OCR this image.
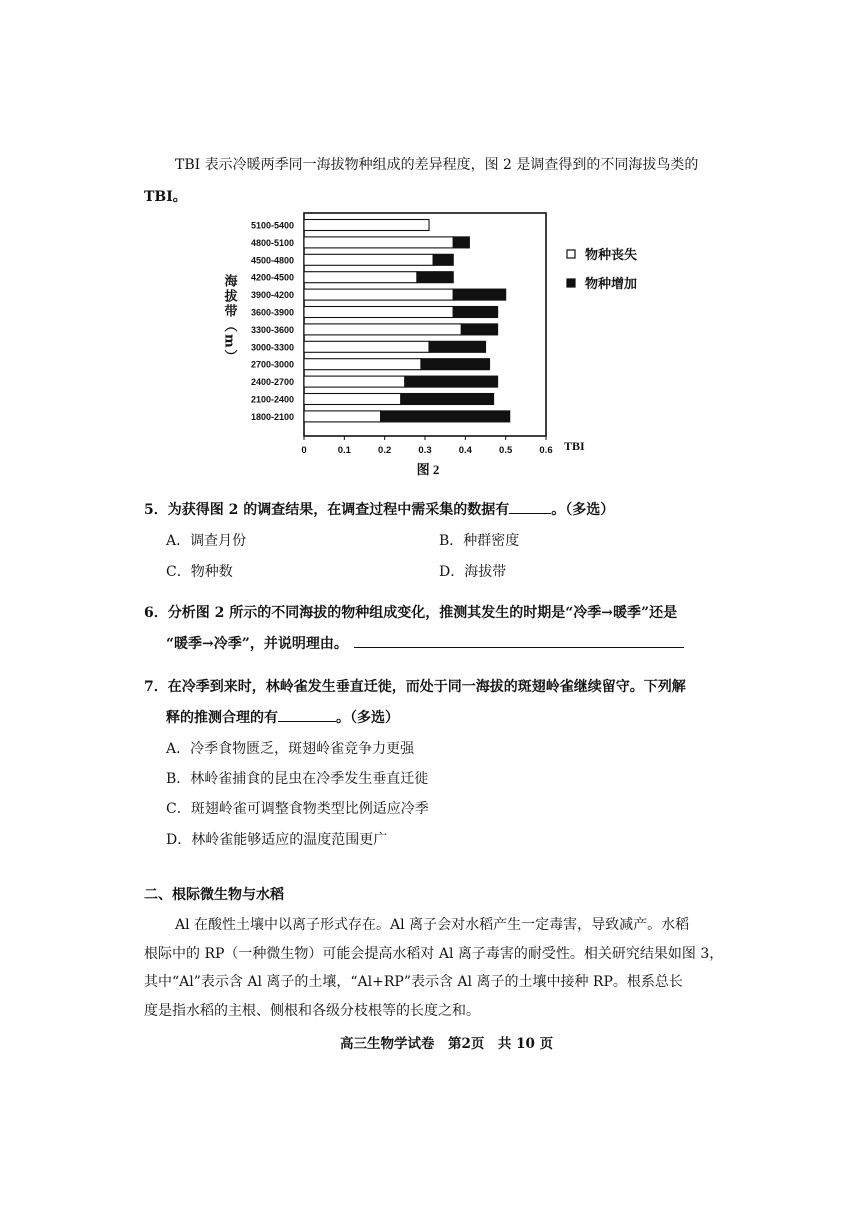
TBI 表示冷暖两季同一海拔物种组成的差异程度，图 2 是调查得到的不同海拔鸟类的
TBI。
5100-5400
4800-5100
4500-4800
4200-4500
3900-4200
3600-3900
3300-3600
3000-3300
2700-3000
2400-2700
2100-2400
1800-2100
0	0.1	0.2	0.3	0.4	0.5	0.6 TBI
图 2
海拔带（m）
物种丧失
物种增加
5．为获得图 2 的调查结果，在调查过程中需采集的数据有	。（多选）
A．调查月份	B．种群密度
C．物种数	D．海拔带
6．分析图 2 所示的不同海拔的物种组成变化，推测其发生的时期是“冷季→暖季”还是
“暖季→冷季”，并说明理由。
7．在冷季到来时，林岭雀发生垂直迁徙，而处于同一海拔的斑翅岭雀继续留守。下列解
释的推测合理的有	。（多选）
A．冷季食物匮乏，斑翅岭雀竞争力更强
B．林岭雀捕食的昆虫在冷季发生垂直迁徙
C．斑翅岭雀可调整食物类型比例适应冷季
D．林岭雀能够适应的温度范围更广
二、根际微生物与水稻
Al 在酸性土壤中以离子形式存在。Al 离子会对水稻产生一定毒害，导致减产。水稻
根际中的 RP（一种微生物）可能会提高水稻对 Al 离子毒害的耐受性。相关研究结果如图 3，
其中“Al”表示含 Al 离子的土壤，“Al+RP”表示含 Al 离子的土壤中接种 RP。根系总长
度是指水稻的主根、侧根和各级分枝根等的长度之和。
高三生物学试卷　第2页　共 10 页
